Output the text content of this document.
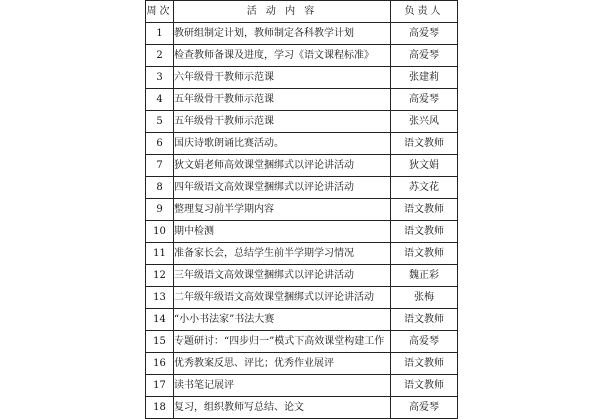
周次	活 动 内 容	负责人
1	教研组制定计划，教师制定各科教学计划	高爱琴
2	检查教师备课及进度，学习《语文课程标准》	高爱琴
3	六年级骨干教师示范课	张建莉
4	五年级骨干教师示范课	高爱琴
5	五年级骨干教师示范课	张兴风
6	国庆诗歌朗诵比赛活动。	语文教师
7	狄文娟老师高效课堂捆绑式以评论讲活动	狄文娟
8	四年级语文高效课堂捆绑式以评论讲活动	苏文花
9	整理复习前半学期内容	语文教师
10	期中检测	语文教师
11	准备家长会，总结学生前半学期学习情况	语文教师
12	三年级语文高效课堂捆绑式以评论讲活动	魏正彩
13	二年级年级语文高效课堂捆绑式以评论讲活动	张梅
14	“小小书法家”书法大赛	语文教师
15	专题研讨：“四步归一”模式下高效课堂构建工作	高爱琴
16	优秀教案反思、评比；优秀作业展评	语文教师
17	读书笔记展评	语文教师
18	复习，组织教师写总结、论文	高爱琴
